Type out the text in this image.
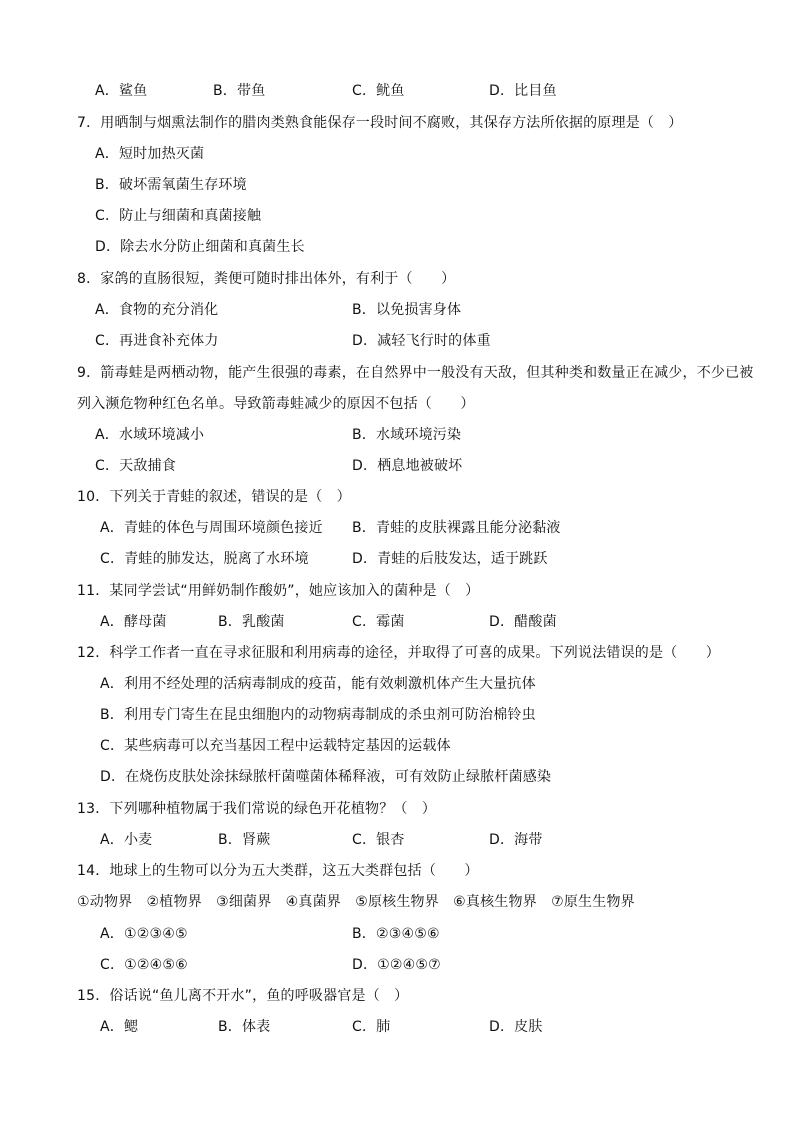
A．鲨鱼	B．带鱼	C．鱿鱼	D．比目鱼
7．用晒制与烟熏法制作的腊肉类熟食能保存一段时间不腐败，其保存方法所依据的原理是（　）
A．短时加热灭菌
B．破坏需氧菌生存环境
C．防止与细菌和真菌接触
D．除去水分防止细菌和真菌生长
8．家鸽的直肠很短，粪便可随时排出体外，有利于（　　）
A．食物的充分消化	B．以免损害身体
C．再进食补充体力	D．减轻飞行时的体重
9．箭毒蛙是两栖动物，能产生很强的毒素，在自然界中一般没有天敌，但其种类和数量正在减少，不少已被
列入濒危物种红色名单。导致箭毒蛙减少的原因不包括（　　）
A．水域环境减小	B．水域环境污染
C．天敌捕食	D．栖息地被破坏
10．下列关于青蛙的叙述，错误的是（　）
A．青蛙的体色与周围环境颜色接近 B．青蛙的皮肤裸露且能分泌黏液
C．青蛙的肺发达，脱离了水环境	D．青蛙的后肢发达，适于跳跃
11．某同学尝试“用鲜奶制作酸奶”，她应该加入的菌种是（　）
A．酵母菌	B．乳酸菌	C．霉菌	D．醋酸菌
12．科学工作者一直在寻求征服和利用病毒的途径，并取得了可喜的成果。下列说法错误的是（　　）
A．利用不经处理的活病毒制成的疫苗，能有效刺激机体产生大量抗体
B．利用专门寄生在昆虫细胞内的动物病毒制成的杀虫剂可防治棉铃虫
C．某些病毒可以充当基因工程中运载特定基因的运载体
D．在烧伤皮肤处涂抹绿脓杆菌噬菌体稀释液，可有效防止绿脓杆菌感染
13．下列哪种植物属于我们常说的绿色开花植物？（　）
A．小麦	B．肾蕨	C．银杏	D．海带
14．地球上的生物可以分为五大类群，这五大类群包括（　　）
①动物界　②植物界　③细菌界　④真菌界　⑤原核生物界　⑥真核生物界　⑦原生生物界
A．①②③④⑤	B．②③④⑤⑥
C．①②④⑤⑥	D．①②④⑤⑦
15．俗话说“鱼儿离不开水”，鱼的呼吸器官是（　）
A．鳃	B．体表	C．肺	D．皮肤
